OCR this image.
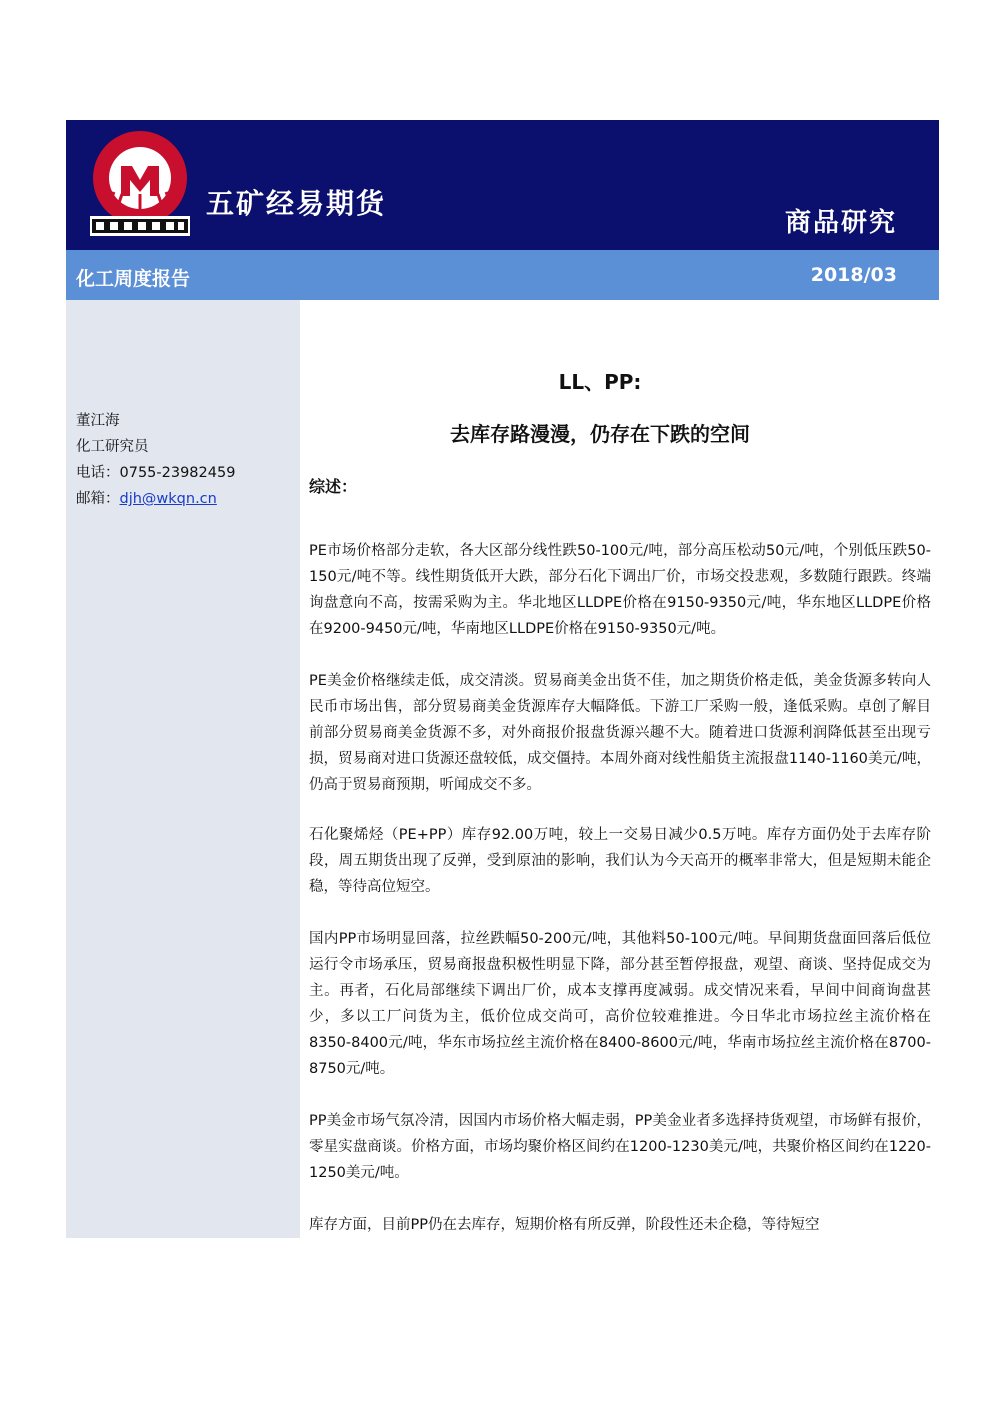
五矿经易期货
商品研究
化工周度报告	2018/03
董江海
化工研究员
电话：0755-23982459
邮箱：djh@wkqn.cn
LL、PP:
去库存路漫漫，仍存在下跌的空间
综述：

PE市场价格部分走软，各大区部分线性跌50-100元/吨，部分高压松动50元/吨，个别低压跌50-150元/吨不等。线性期货低开大跌，部分石化下调出厂价，市场交投悲观，多数随行跟跌。终端询盘意向不高，按需采购为主。华北地区LLDPE价格在9150-9350元/吨，华东地区LLDPE价格在9200-9450元/吨，华南地区LLDPE价格在9150-9350元/吨。

PE美金价格继续走低，成交清淡。贸易商美金出货不佳，加之期货价格走低，美金货源多转向人民币市场出售，部分贸易商美金货源库存大幅降低。下游工厂采购一般，逢低采购。卓创了解目前部分贸易商美金货源不多，对外商报价报盘货源兴趣不大。随着进口货源利润降低甚至出现亏损，贸易商对进口货源还盘较低，成交僵持。本周外商对线性船货主流报盘1140-1160美元/吨，仍高于贸易商预期，听闻成交不多。

石化聚烯烃（PE+PP）库存92.00万吨，较上一交易日减少0.5万吨。库存方面仍处于去库存阶段，周五期货出现了反弹，受到原油的影响，我们认为今天高开的概率非常大，但是短期未能企稳，等待高位短空。

国内PP市场明显回落，拉丝跌幅50-200元/吨，其他料50-100元/吨。早间期货盘面回落后低位运行令市场承压，贸易商报盘积极性明显下降，部分甚至暂停报盘，观望、商谈、坚持促成交为主。再者，石化局部继续下调出厂价，成本支撑再度减弱。成交情况来看，早间中间商询盘甚少，多以工厂问货为主，低价位成交尚可，高价位较难推进。今日华北市场拉丝主流价格在8350-8400元/吨，华东市场拉丝主流价格在8400-8600元/吨，华南市场拉丝主流价格在8700-8750元/吨。

PP美金市场气氛冷清，因国内市场价格大幅走弱，PP美金业者多选择持货观望，市场鲜有报价，零星实盘商谈。价格方面，市场均聚价格区间约在1200-1230美元/吨，共聚价格区间约在1220-1250美元/吨。

库存方面，目前PP仍在去库存，短期价格有所反弹，阶段性还未企稳，等待短空
